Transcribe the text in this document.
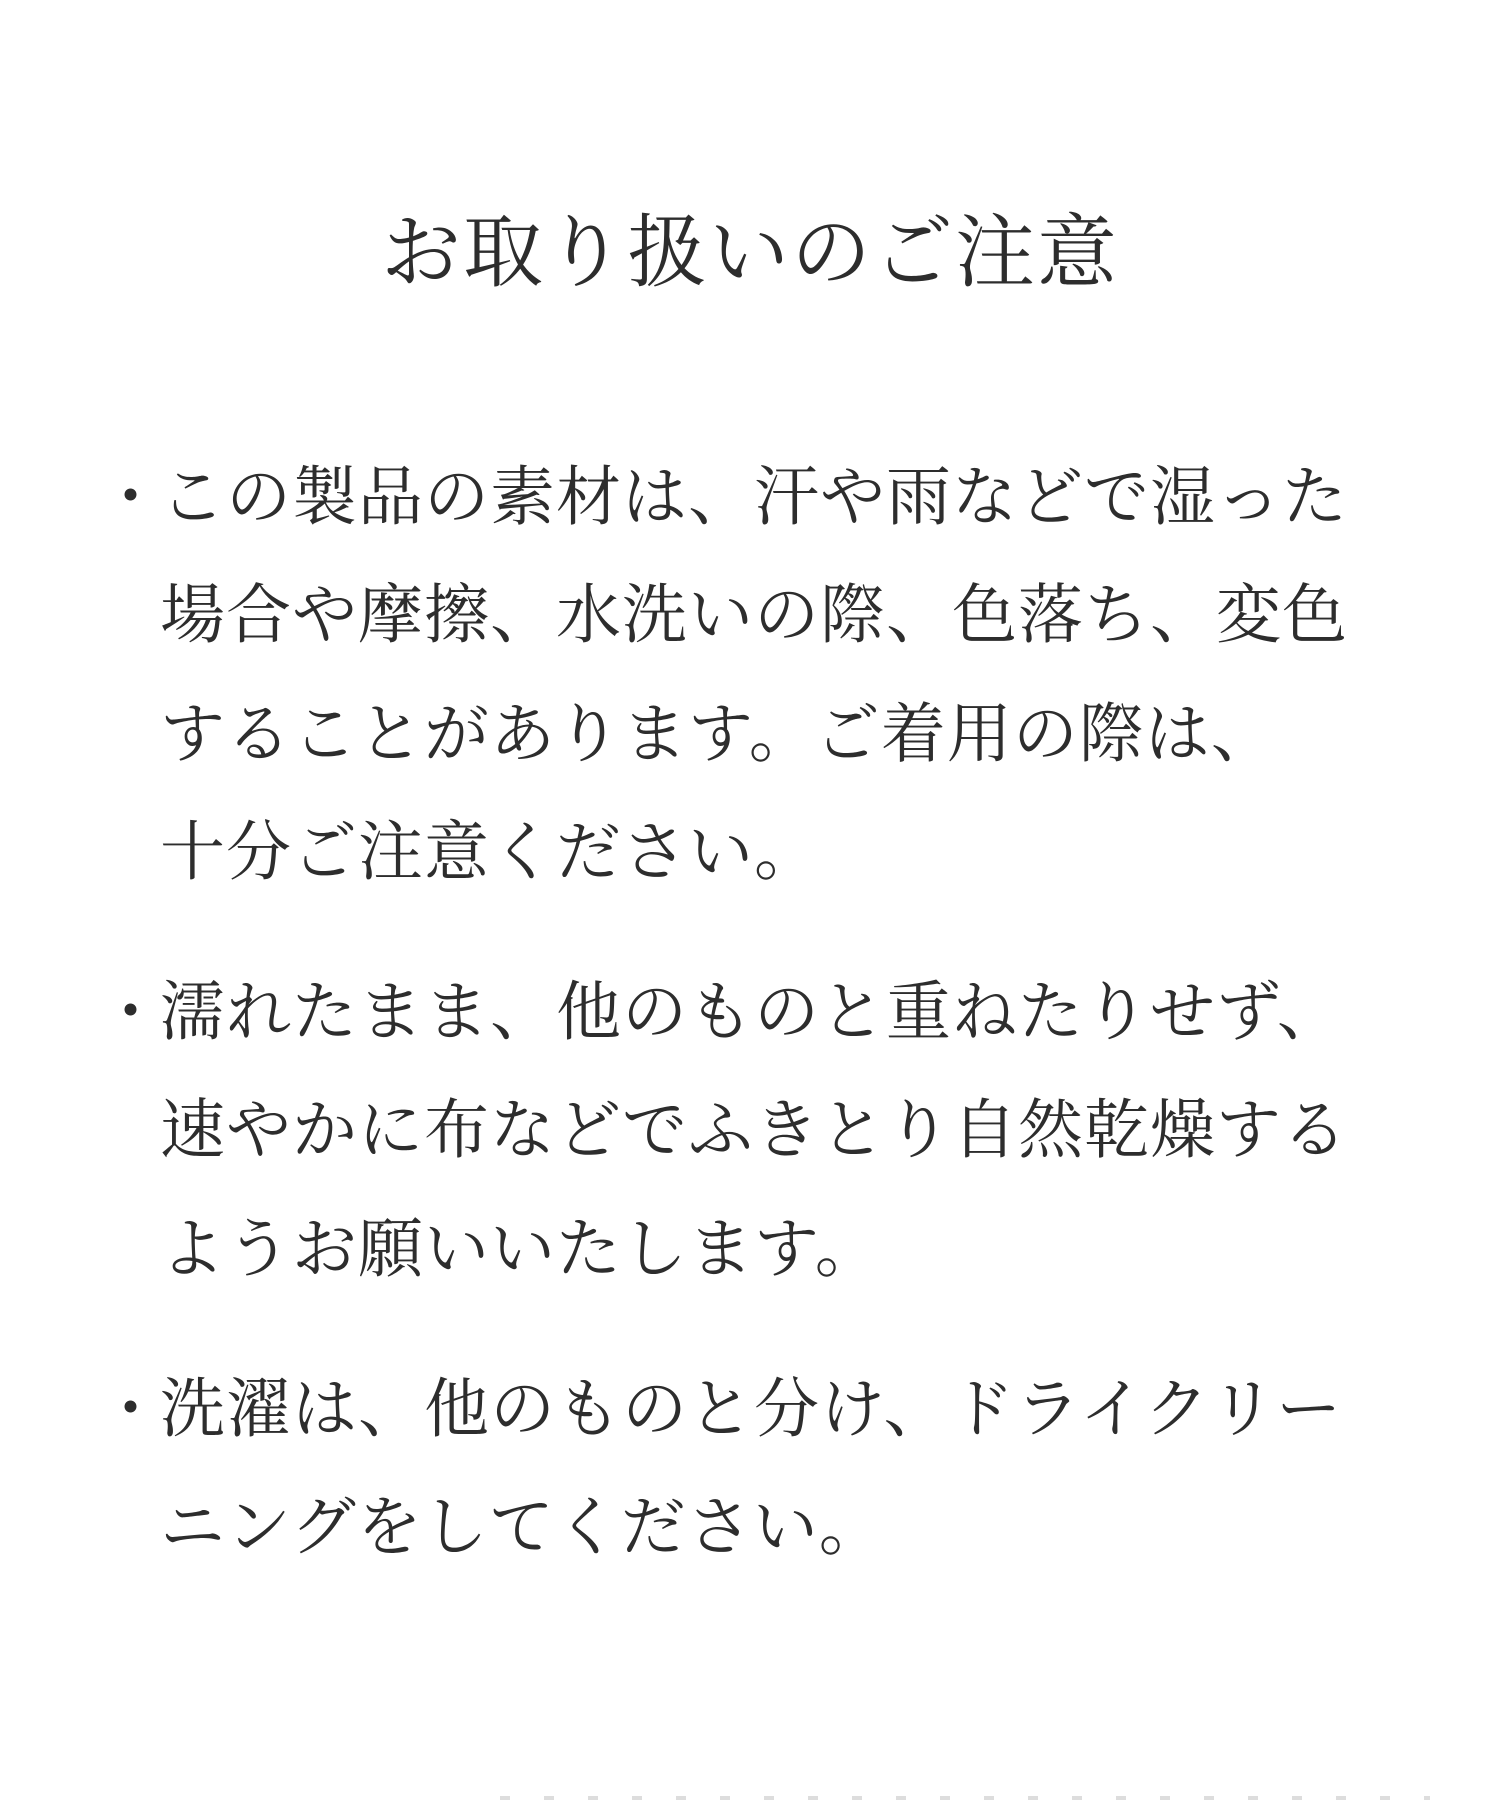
お取り扱いのご注意
・
この製品の素材は、汗や雨などで湿った
場合や摩擦、水洗いの際、色落ち、変色
することがあります。ご着用の際は、
十分ご注意ください。
・
濡れたまま、他のものと重ねたりせず、
速やかに布などでふきとり自然乾燥する
ようお願いいたします。
・
洗濯は、他のものと分け、ドライクリー
ニングをしてください。
